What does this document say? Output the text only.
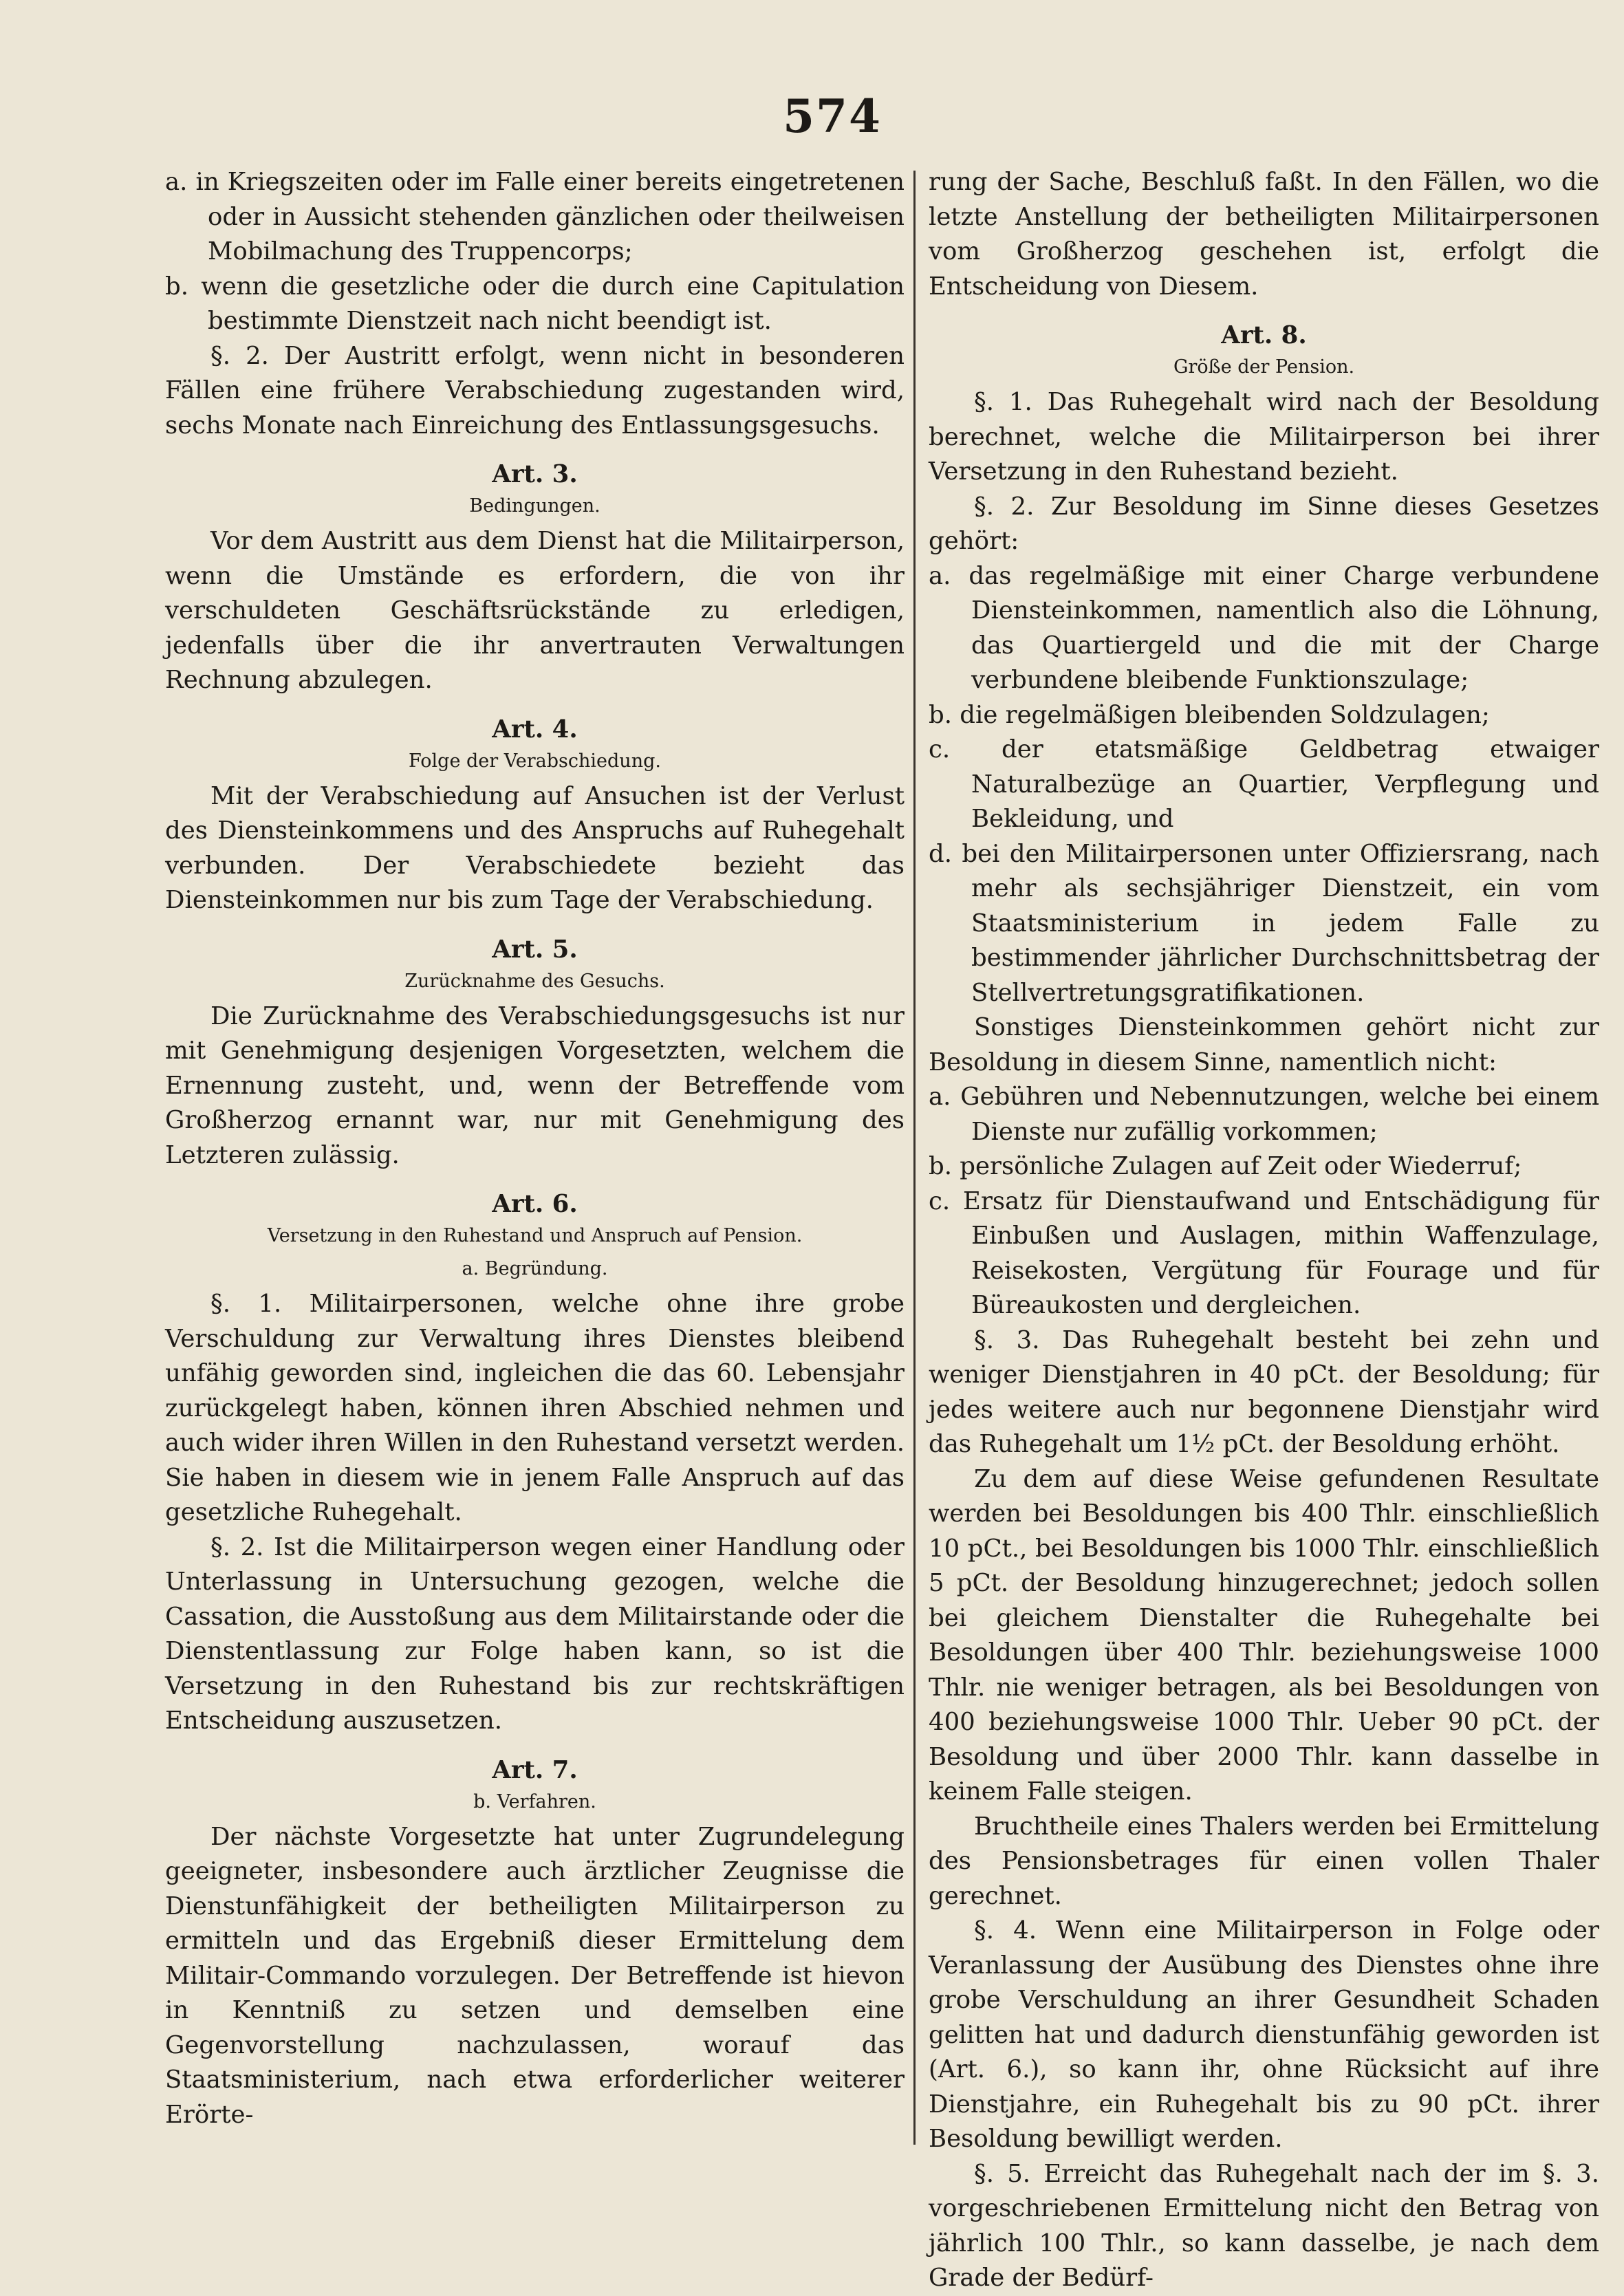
574

a. in Kriegszeiten oder im Falle einer bereits eingetretenen oder in Aussicht stehenden gänzlichen oder theilweisen Mobilmachung des Truppencorps;

b. wenn die gesetzliche oder die durch eine Capitulation bestimmte Dienstzeit nach nicht beendigt ist.

§. 2. Der Austritt erfolgt, wenn nicht in besonderen Fällen eine frühere Verabschiedung zugestanden wird, sechs Monate nach Einreichung des Entlassungsgesuchs.

Art. 3.

Bedingungen.

Vor dem Austritt aus dem Dienst hat die Militairperson, wenn die Umstände es erfordern, die von ihr verschuldeten Geschäftsrückstände zu erledigen, jedenfalls über die ihr anvertrauten Verwaltungen Rechnung abzulegen.

Art. 4.

Folge der Verabschiedung.

Mit der Verabschiedung auf Ansuchen ist der Verlust des Diensteinkommens und des Anspruchs auf Ruhegehalt verbunden. Der Verabschiedete bezieht das Diensteinkommen nur bis zum Tage der Verabschiedung.

Art. 5.

Zurücknahme des Gesuchs.

Die Zurücknahme des Verabschiedungsgesuchs ist nur mit Genehmigung desjenigen Vorgesetzten, welchem die Ernennung zusteht, und, wenn der Betreffende vom Großherzog ernannt war, nur mit Genehmigung des Letzteren zulässig.

Art. 6.

Versetzung in den Ruhestand und Anspruch auf Pension.

a. Begründung.

§. 1. Militairpersonen, welche ohne ihre grobe Verschuldung zur Verwaltung ihres Dienstes bleibend unfähig geworden sind, ingleichen die das 60. Lebensjahr zurückgelegt haben, können ihren Abschied nehmen und auch wider ihren Willen in den Ruhestand versetzt werden. Sie haben in diesem wie in jenem Falle Anspruch auf das gesetzliche Ruhegehalt.

§. 2. Ist die Militairperson wegen einer Handlung oder Unterlassung in Untersuchung gezogen, welche die Cassation, die Ausstoßung aus dem Militairstande oder die Dienstentlassung zur Folge haben kann, so ist die Versetzung in den Ruhestand bis zur rechtskräftigen Entscheidung auszusetzen.

Art. 7.

b. Verfahren.

Der nächste Vorgesetzte hat unter Zugrundelegung geeigneter, insbesondere auch ärztlicher Zeugnisse die Dienstunfähigkeit der betheiligten Militairperson zu ermitteln und das Ergebniß dieser Ermittelung dem Militair-Commando vorzulegen. Der Betreffende ist hievon in Kenntniß zu setzen und demselben eine Gegenvorstellung nachzulassen, worauf das Staatsministerium, nach etwa erforderlicher weiterer Erörte-

rung der Sache, Beschluß faßt. In den Fällen, wo die letzte Anstellung der betheiligten Militairpersonen vom Großherzog geschehen ist, erfolgt die Entscheidung von Diesem.

Art. 8.

Größe der Pension.

§. 1. Das Ruhegehalt wird nach der Besoldung berechnet, welche die Militairperson bei ihrer Versetzung in den Ruhestand bezieht.

§. 2. Zur Besoldung im Sinne dieses Gesetzes gehört:

a. das regelmäßige mit einer Charge verbundene Diensteinkommen, namentlich also die Löhnung, das Quartiergeld und die mit der Charge verbundene bleibende Funktionszulage;

b. die regelmäßigen bleibenden Soldzulagen;

c. der etatsmäßige Geldbetrag etwaiger Naturalbezüge an Quartier, Verpflegung und Bekleidung, und

d. bei den Militairpersonen unter Offiziersrang, nach mehr als sechsjähriger Dienstzeit, ein vom Staatsministerium in jedem Falle zu bestimmender jährlicher Durchschnittsbetrag der Stellvertretungsgratifikationen.

Sonstiges Diensteinkommen gehört nicht zur Besoldung in diesem Sinne, namentlich nicht:

a. Gebühren und Nebennutzungen, welche bei einem Dienste nur zufällig vorkommen;

b. persönliche Zulagen auf Zeit oder Wiederruf;

c. Ersatz für Dienstaufwand und Entschädigung für Einbußen und Auslagen, mithin Waffenzulage, Reisekosten, Vergütung für Fourage und für Büreaukosten und dergleichen.

§. 3. Das Ruhegehalt besteht bei zehn und weniger Dienstjahren in 40 pCt. der Besoldung; für jedes weitere auch nur begonnene Dienstjahr wird das Ruhegehalt um 1½ pCt. der Besoldung erhöht.

Zu dem auf diese Weise gefundenen Resultate werden bei Besoldungen bis 400 Thlr. einschließlich 10 pCt., bei Besoldungen bis 1000 Thlr. einschließlich 5 pCt. der Besoldung hinzugerechnet; jedoch sollen bei gleichem Dienstalter die Ruhegehalte bei Besoldungen über 400 Thlr. beziehungsweise 1000 Thlr. nie weniger betragen, als bei Besoldungen von 400 beziehungsweise 1000 Thlr. Ueber 90 pCt. der Besoldung und über 2000 Thlr. kann dasselbe in keinem Falle steigen.

Bruchtheile eines Thalers werden bei Ermittelung des Pensionsbetrages für einen vollen Thaler gerechnet.

§. 4. Wenn eine Militairperson in Folge oder Veranlassung der Ausübung des Dienstes ohne ihre grobe Verschuldung an ihrer Gesundheit Schaden gelitten hat und dadurch dienstunfähig geworden ist (Art. 6.), so kann ihr, ohne Rücksicht auf ihre Dienstjahre, ein Ruhegehalt bis zu 90 pCt. ihrer Besoldung bewilligt werden.

§. 5. Erreicht das Ruhegehalt nach der im §. 3. vorgeschriebenen Ermittelung nicht den Betrag von jährlich 100 Thlr., so kann dasselbe, je nach dem Grade der Bedürf-
